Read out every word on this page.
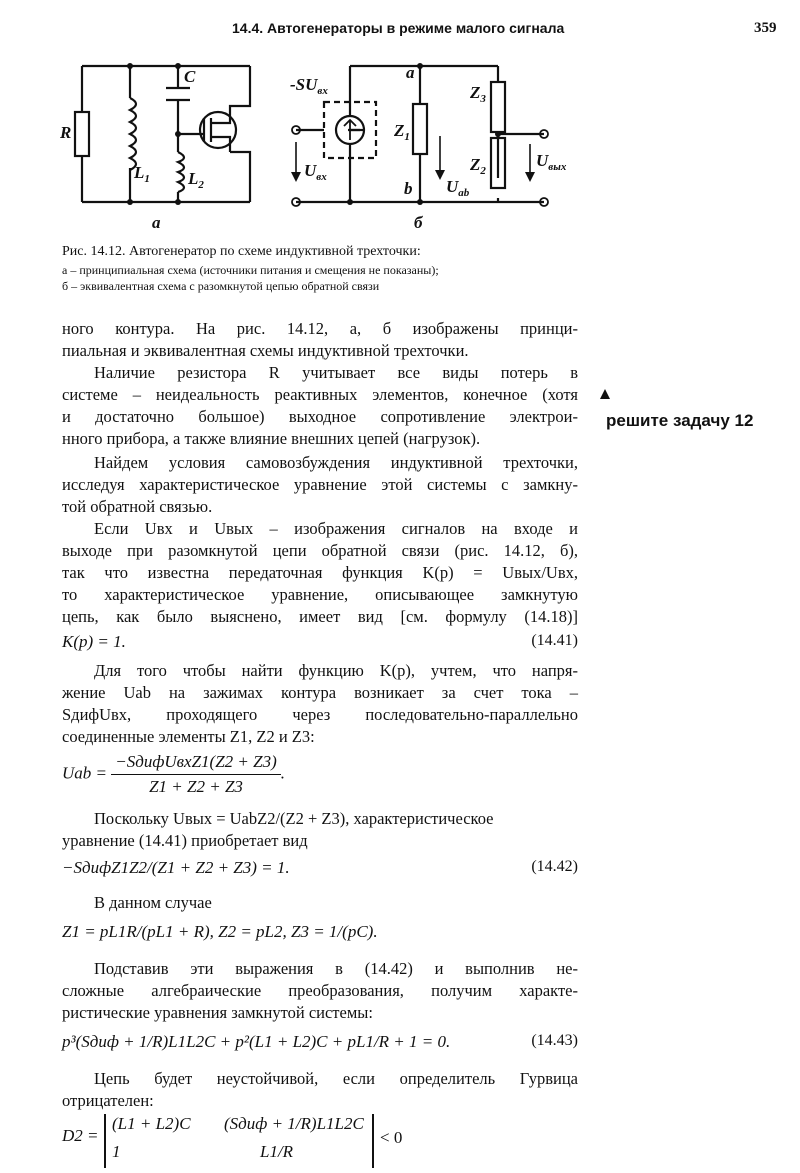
14.4. Автогенераторы в режиме малого сигнала	359
R
C
$L_1$ $L_2$
а
$-SU_{вх}$
a
b
$Z_1$
$Z_2$
$Z_3$
$U_{вх}$	$U_{ab}$
$U_{вых}$
б
Рис. 14.12. Автогенератор по схеме индуктивной трехточки:
а – принципиальная схема (источники питания и смещения не показаны);
б – эквивалентная схема с разомкнутой цепью обратной связи
решите задачу 12
ного контура. На рис. 14.12, а, б изображены принци-
пиальная и эквивалентная схемы индуктивной трехточки.
Наличие резистора R учитывает все виды потерь в
системе – неидеальность реактивных элементов, конечное (хотя
и достаточно большое) выходное сопротивление электрои-
нного прибора, а также влияние внешних цепей (нагрузок).
Найдем условия самовозбуждения индуктивной трехточки,
исследуя характеристическое уравнение этой системы с замкну-
той обратной связью.
Если Uвх и Uвых – изображения сигналов на входе и
выходе при разомкнутой цепи обратной связи (рис. 14.12, б),
так что известна передаточная функция K(p) = Uвых/Uвх,
то характеристическое уравнение, описывающее замкнутую
цепь, как было выяснено, имеет вид [см. формулу (14.18)]
K(p) = 1.	(14.41)
Для того чтобы найти функцию K(p), учтем, что напря-
жение Uab на зажимах контура возникает за счет тока –
SдифUвх, проходящего через последовательно-параллельно
соединенные элементы Z1, Z2 и Z3:
Uab = $\frac{\text{−SдифUвхZ1(Z2 + Z3)}}{Z1 + Z2 + Z3}$ .
Поскольку Uвых = UabZ2/(Z2 + Z3), характеристическое
уравнение (14.41) приобретает вид
−SдифZ1Z2/(Z1 + Z2 + Z3) = 1.	(14.42)
В данном случае
Z1 = pL1R/(pL1 + R), Z2 = pL2, Z3 = 1/(pC).
Подставив эти выражения в (14.42) и выполнив не-
сложные алгебраические преобразования, получим характе-
ристические уравнения замкнутой системы:
p³(Sдиф + 1/R)L1L2C + p²(L1 + L2)C + pL1/R + 1 = 0.	(14.43)
Цепь будет неустойчивой, если определитель Гурвица
отрицателен:
D2 =
(L1 + L2)C (Sдиф + 1/R)L1L2C
1	L1/R
< 0
